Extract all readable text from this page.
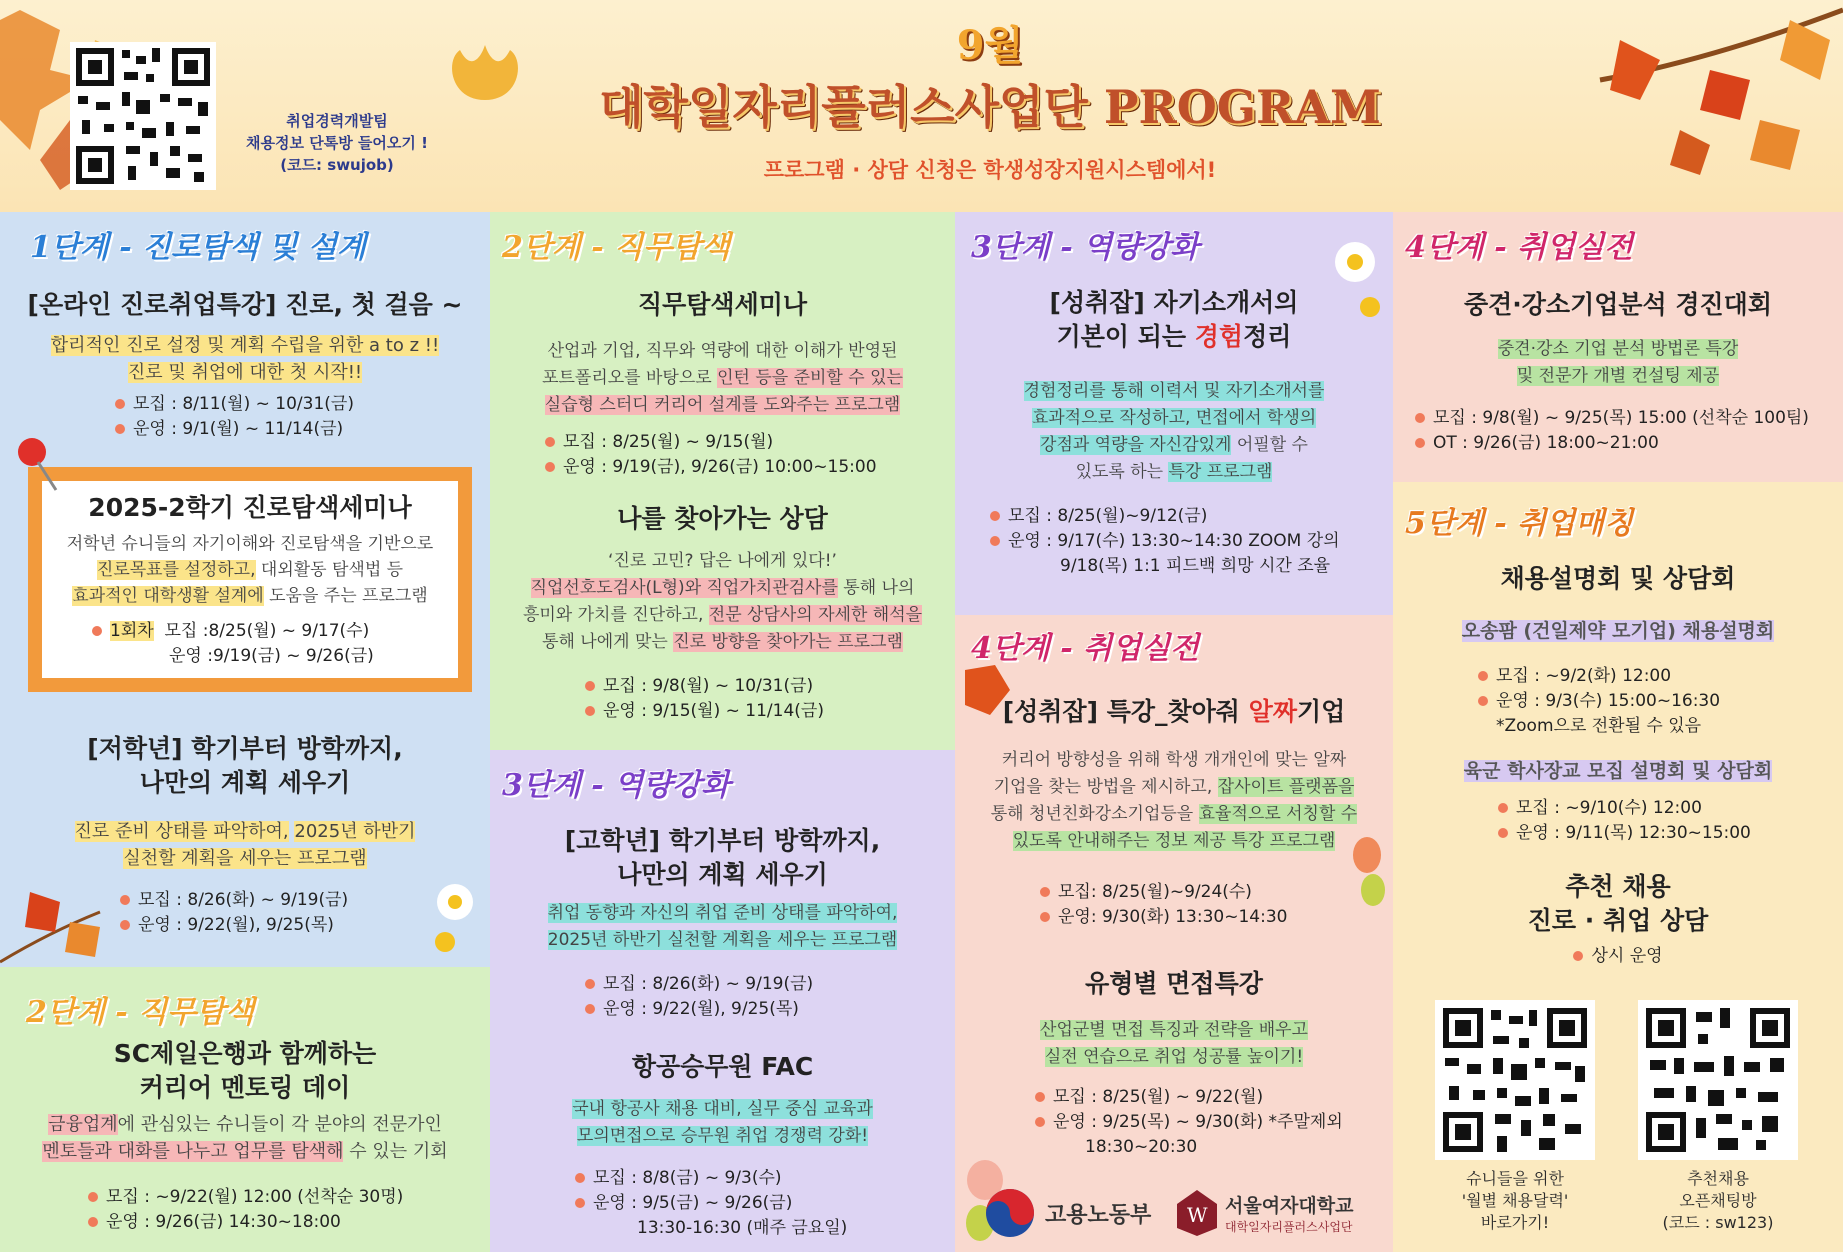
취업경력개발팀
채용정보 단톡방 들어오기 !
(코드: swujob)
9월
대학일자리플러스사업단 PROGRAM
프로그램 · 상담 신청은 학생성장지원시스템에서!
1단계 - 진로탐색 및 설계
[온라인 진로취업특강] 진로, 첫 걸음 ~
합리적인 진로 설정 및 계획 수립을 위한 a to z !!
진로 및 취업에 대한 첫 시작!!
모집 : 8/11(월) ~ 10/31(금)
운영 : 9/1(월) ~ 11/14(금)
2025-2학기 진로탐색세미나
저학년 슈니들의 자기이해와 진로탐색을 기반으로
진로목표를 설정하고, 대외활동 탐색법 등
효과적인 대학생활 설계에 도움을 주는 프로그램
1회차 모집 :8/25(월) ~ 9/17(수)
운영 :9/19(금) ~ 9/26(금)
[저학년] 학기부터 방학까지,
나만의 계획 세우기
진로 준비 상태를 파악하여, 2025년 하반기
실천할 계획을 세우는 프로그램
모집 : 8/26(화) ~ 9/19(금)
운영 : 9/22(월), 9/25(목)
2단계 - 직무탐색
SC제일은행과 함께하는
커리어 멘토링 데이
금융업계에 관심있는 슈니들이 각 분야의 전문가인
멘토들과 대화를 나누고 업무를 탐색해 수 있는 기회
모집 : ~9/22(월) 12:00 (선착순 30명)
운영 : 9/26(금) 14:30~18:00
2단계 - 직무탐색
직무탐색세미나
산업과 기업, 직무와 역량에 대한 이해가 반영된
포트폴리오를 바탕으로 인턴 등을 준비할 수 있는
실습형 스터디 커리어 설계를 도와주는 프로그램
모집 : 8/25(월) ~ 9/15(월)
운영 : 9/19(금), 9/26(금) 10:00~15:00
나를 찾아가는 상담
‘진로 고민? 답은 나에게 있다!’
직업선호도검사(L형)와 직업가치관검사를 통해 나의
흥미와 가치를 진단하고, 전문 상담사의 자세한 해석을
통해 나에게 맞는 진로 방향을 찾아가는 프로그램
모집 : 9/8(월) ~ 10/31(금)
운영 : 9/15(월) ~ 11/14(금)
3단계 - 역량강화
[고학년] 학기부터 방학까지,
나만의 계획 세우기
취업 동향과 자신의 취업 준비 상태를 파악하여,
2025년 하반기 실천할 계획을 세우는 프로그램
모집 : 8/26(화) ~ 9/19(금)
운영 : 9/22(월), 9/25(목)
항공승무원 FAC
국내 항공사 채용 대비, 실무 중심 교육과
모의면접으로 승무원 취업 경쟁력 강화!
모집 : 8/8(금) ~ 9/3(수)
운영 : 9/5(금) ~ 9/26(금)
13:30-16:30 (매주 금요일)
3단계 - 역량강화
[성취잡] 자기소개서의
기본이 되는 경험정리
경험정리를 통해 이력서 및 자기소개서를
효과적으로 작성하고, 면접에서 학생의
강점과 역량을 자신감있게 어필할 수
있도록 하는 특강 프로그램
모집 : 8/25(월)~9/12(금)
운영 : 9/17(수) 13:30~14:30 ZOOM 강의
9/18(목) 1:1 피드백 희망 시간 조율
4단계 - 취업실전
[성취잡] 특강_찾아줘 알짜기업
커리어 방향성을 위해 학생 개개인에 맞는 알짜
기업을 찾는 방법을 제시하고, 잡사이트 플랫폼을
통해 청년친화강소기업등을 효율적으로 서칭할 수
있도록 안내해주는 정보 제공 특강 프로그램
모집: 8/25(월)~9/24(수)
운영: 9/30(화) 13:30~14:30
유형별 면접특강
산업군별 면접 특징과 전략을 배우고
실전 연습으로 취업 성공률 높이기!
모집 : 8/25(월) ~ 9/22(월)
운영 : 9/25(목) ~ 9/30(화) *주말제외
18:30~20:30
고용노동부 W 서울여자대학교
대학일자리플러스사업단
4단계 - 취업실전
중견·강소기업분석 경진대회
중견·강소 기업 분석 방법론 특강
및 전문가 개별 컨설팅 제공
모집 : 9/8(월) ~ 9/25(목) 15:00 (선착순 100팀)
OT : 9/26(금) 18:00~21:00
5단계 - 취업매칭
채용설명회 및 상담회
오송팜 (건일제약 모기업) 채용설명회
모집 : ~9/2(화) 12:00
운영 : 9/3(수) 15:00~16:30
*Zoom으로 전환될 수 있음
육군 학사장교 모집 설명회 및 상담회
모집 : ~9/10(수) 12:00
운영 : 9/11(목) 12:30~15:00
추천 채용
진로 · 취업 상담
상시 운영
슈니들을 위한
'월별 채용달력'
바로가기!
추천채용
오픈채팅방
(코드 : sw123)
